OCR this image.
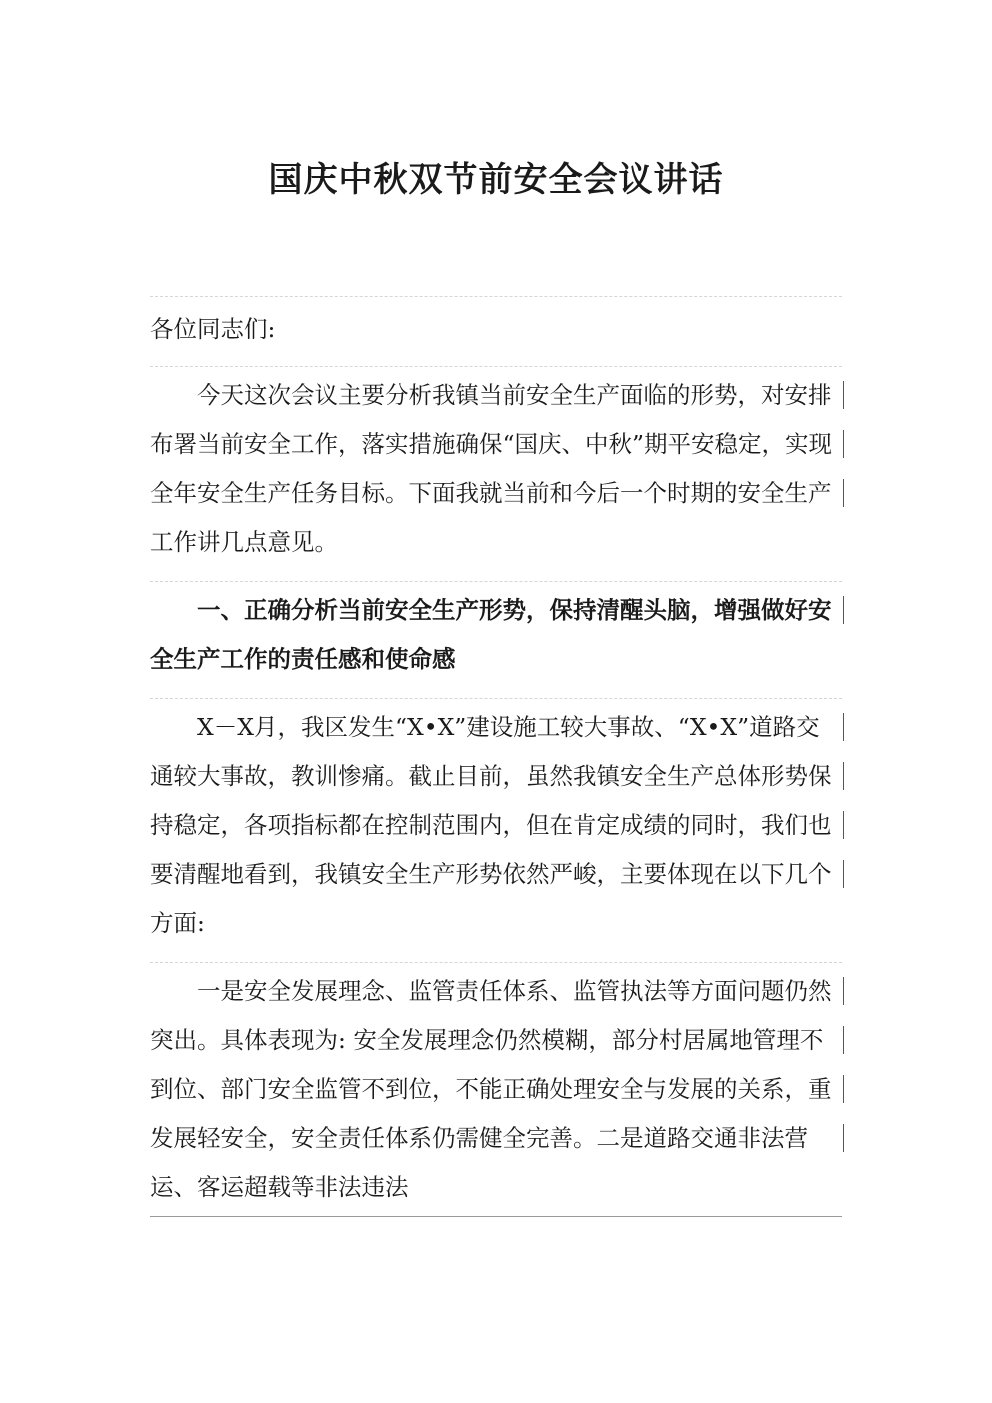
国庆中秋双节前安全会议讲话
各位同志们:
今天这次会议主要分析我镇当前安全生产面临的形势，对安排布署当前安全工作，落实措施确保“国庆、中秋”期平安稳定，实现全年安全生产任务目标。下面我就当前和今后一个时期的安全生产工作讲几点意见。
一、正确分析当前安全生产形势，保持清醒头脑，增强做好安全生产工作的责任感和使命感
X－X月，我区发生“X•X”建设施工较大事故、“X•X”道路交通较大事故，教训惨痛。截止目前，虽然我镇安全生产总体形势保持稳定，各项指标都在控制范围内，但在肯定成绩的同时，我们也要清醒地看到，我镇安全生产形势依然严峻，主要体现在以下几个方面:
一是安全发展理念、监管责任体系、监管执法等方面问题仍然突出。具体表现为: 安全发展理念仍然模糊，部分村居属地管理不到位、部门安全监管不到位，不能正确处理安全与发展的关系，重发展轻安全，安全责任体系仍需健全完善。二是道路交通非法营运、客运超载等非法违法
